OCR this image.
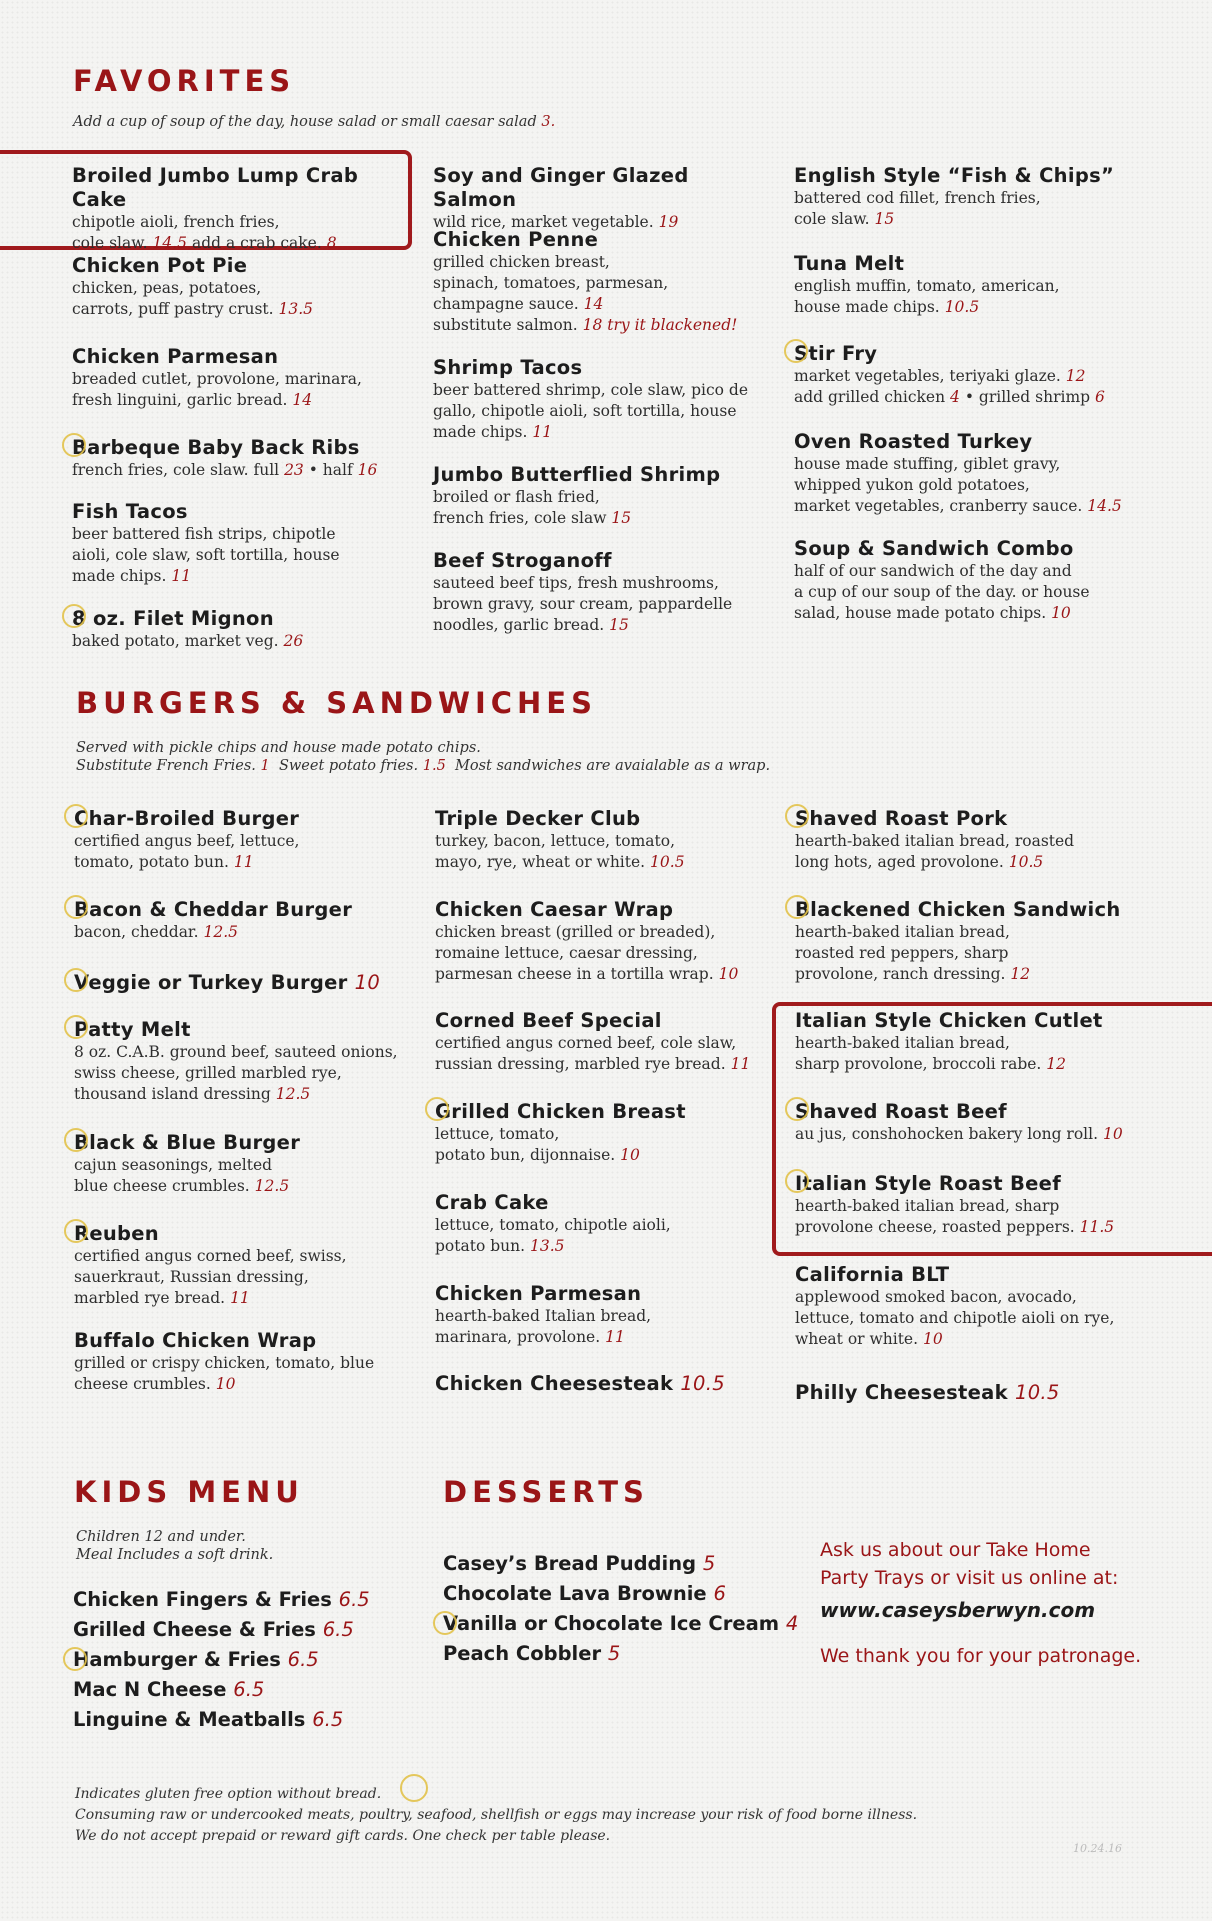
FAVORITES
Add a cup of soup of the day, house salad or small caesar salad 3.
Broiled Jumbo Lump Crab Cake
chipotle aioli, french fries,
cole slaw. 14.5 add a crab cake. 8
Chicken Pot Pie
chicken, peas, potatoes,
carrots, puff pastry crust. 13.5
Chicken Parmesan
breaded cutlet, provolone, marinara,
fresh linguini, garlic bread. 14
Barbeque Baby Back Ribs
french fries, cole slaw. full 23 • half 16
Fish Tacos
beer battered fish strips, chipotle
aioli, cole slaw, soft tortilla, house
made chips. 11
8 oz. Filet Mignon
baked potato, market veg. 26
Soy and Ginger Glazed Salmon
wild rice, market vegetable. 19
Chicken Penne
grilled chicken breast,
spinach, tomatoes, parmesan,
champagne sauce. 14
substitute salmon. 18 try it blackened!
Shrimp Tacos
beer battered shrimp, cole slaw, pico de
gallo, chipotle aioli, soft tortilla, house
made chips. 11
Jumbo Butterflied Shrimp
broiled or flash fried,
french fries, cole slaw 15
Beef Stroganoff
sauteed beef tips, fresh mushrooms,
brown gravy, sour cream, pappardelle
noodles, garlic bread. 15
English Style “Fish & Chips”
battered cod fillet, french fries,
cole slaw. 15
Tuna Melt
english muffin, tomato, american,
house made chips. 10.5
Stir Fry
market vegetables, teriyaki glaze. 12
add grilled chicken 4 • grilled shrimp 6
Oven Roasted Turkey
house made stuffing, giblet gravy,
whipped yukon gold potatoes,
market vegetables, cranberry sauce. 14.5
Soup & Sandwich Combo
half of our sandwich of the day and
a cup of our soup of the day. or house
salad, house made potato chips. 10
BURGERS & SANDWICHES
Served with pickle chips and house made potato chips.
Substitute French Fries. 1 Sweet potato fries. 1.5 Most sandwiches are avaialable as a wrap.
Char-Broiled Burger
certified angus beef, lettuce,
tomato, potato bun. 11
Bacon & Cheddar Burger
bacon, cheddar. 12.5
Veggie or Turkey Burger 10
Patty Melt
8 oz. C.A.B. ground beef, sauteed onions,
swiss cheese, grilled marbled rye,
thousand island dressing 12.5
Black & Blue Burger
cajun seasonings, melted
blue cheese crumbles. 12.5
Reuben
certified angus corned beef, swiss,
sauerkraut, Russian dressing,
marbled rye bread. 11
Buffalo Chicken Wrap
grilled or crispy chicken, tomato, blue
cheese crumbles. 10
Triple Decker Club
turkey, bacon, lettuce, tomato,
mayo, rye, wheat or white. 10.5
Chicken Caesar Wrap
chicken breast (grilled or breaded),
romaine lettuce, caesar dressing,
parmesan cheese in a tortilla wrap. 10
Corned Beef Special
certified angus corned beef, cole slaw,
russian dressing, marbled rye bread. 11
Grilled Chicken Breast
lettuce, tomato,
potato bun, dijonnaise. 10
Crab Cake
lettuce, tomato, chipotle aioli,
potato bun. 13.5
Chicken Parmesan
hearth-baked Italian bread,
marinara, provolone. 11
Chicken Cheesesteak 10.5
Shaved Roast Pork
hearth-baked italian bread, roasted
long hots, aged provolone. 10.5
Blackened Chicken Sandwich
hearth-baked italian bread,
roasted red peppers, sharp
provolone, ranch dressing. 12
Italian Style Chicken Cutlet
hearth-baked italian bread,
sharp provolone, broccoli rabe. 12
Shaved Roast Beef
au jus, conshohocken bakery long roll. 10
Italian Style Roast Beef
hearth-baked italian bread, sharp
provolone cheese, roasted peppers. 11.5
California BLT
applewood smoked bacon, avocado,
lettuce, tomato and chipotle aioli on rye,
wheat or white. 10
Philly Cheesesteak 10.5
KIDS MENU
Children 12 and under.
Meal Includes a soft drink.
Chicken Fingers & Fries 6.5
Grilled Cheese & Fries 6.5
Hamburger & Fries 6.5
Mac N Cheese 6.5
Linguine & Meatballs 6.5
DESSERTS
Casey’s Bread Pudding 5
Chocolate Lava Brownie 6
Vanilla or Chocolate Ice Cream 4
Peach Cobbler 5
Ask us about our Take Home
Party Trays or visit us online at:
www.caseysberwyn.com
We thank you for your patronage.
Indicates gluten free option without bread.
Consuming raw or undercooked meats, poultry, seafood, shellfish or eggs may increase your risk of food borne illness.
We do not accept prepaid or reward gift cards. One check per table please.
10.24.16
